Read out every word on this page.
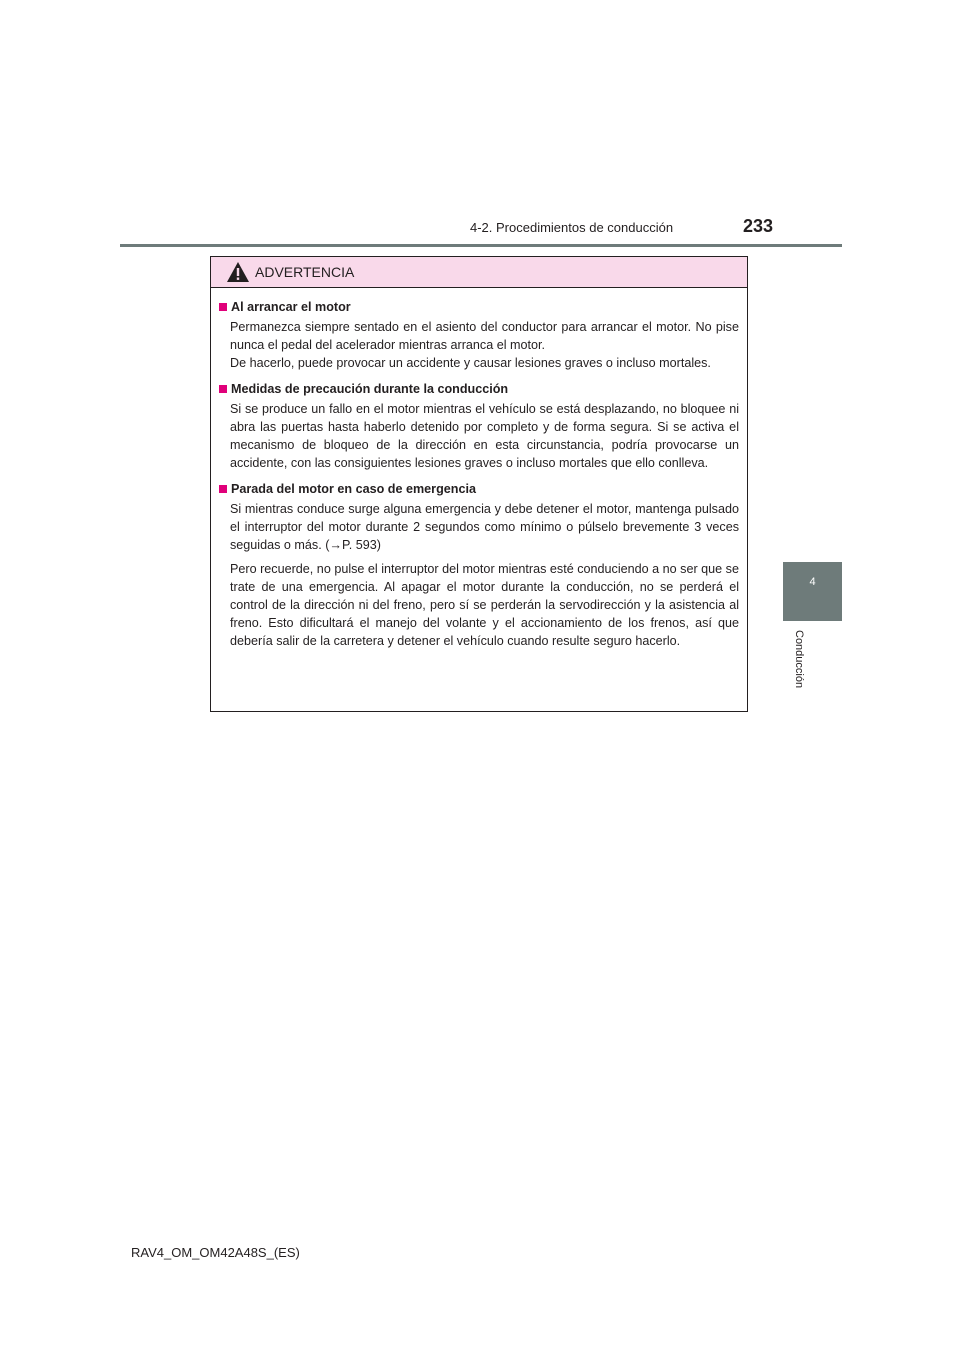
4-2. Procedimientos de conducción	233
4
Conducción
ADVERTENCIA
Al arrancar el motor
Permanezca siempre sentado en el asiento del conductor para arrancar el motor. No pise nunca el pedal del acelerador mientras arranca el motor.
De hacerlo, puede provocar un accidente y causar lesiones graves o incluso mortales.
Medidas de precaución durante la conducción
Si se produce un fallo en el motor mientras el vehículo se está desplazando, no bloquee ni abra las puertas hasta haberlo detenido por completo y de forma segura. Si se activa el mecanismo de bloqueo de la dirección en esta circunstancia, podría provocarse un accidente, con las consiguientes lesiones graves o incluso mortales que ello conlleva.
Parada del motor en caso de emergencia
Si mientras conduce surge alguna emergencia y debe detener el motor, mantenga pulsado el interruptor del motor durante 2 segundos como mínimo o púlselo brevemente 3 veces seguidas o más. (→P. 593)
Pero recuerde, no pulse el interruptor del motor mientras esté conduciendo a no ser que se trate de una emergencia. Al apagar el motor durante la conducción, no se perderá el control de la dirección ni del freno, pero sí se perderán la servodirección y la asistencia al freno. Esto dificultará el manejo del volante y el accionamiento de los frenos, así que debería salir de la carretera y detener el vehículo cuando resulte seguro hacerlo.
RAV4_OM_OM42A48S_(ES)
